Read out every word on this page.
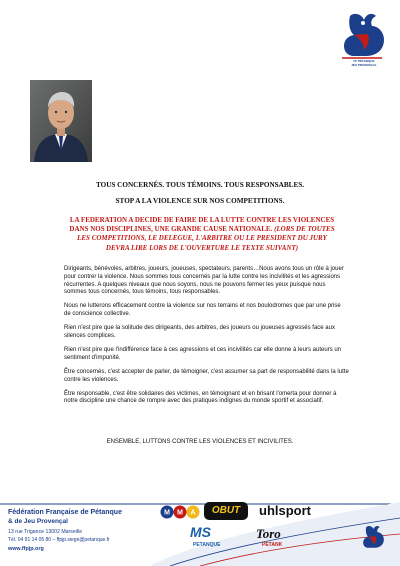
FF PÉTANQUE
JEU PROVENÇAL
TOUS CONCERNÉS. TOUS TÉMOINS. TOUS RESPONSABLES.
STOP A LA VIOLENCE SUR NOS COMPETITIONS.
LA FEDERATION A DECIDE DE FAIRE DE LA LUTTE CONTRE LES VIOLENCES DANS NOS DISCIPLINES, UNE GRANDE CAUSE NATIONALE. (LORS DE TOUTES LES COMPETITIONS, LE DELEGUE, L'ARBITRE OU LE PRESIDENT DU JURY DEVRA LIRE LORS DE L'OUVERTURE LE TEXTE SUIVANT)

Dirigeants, bénévoles, arbitres, joueurs, joueuses, spectateurs, parents…Nous avons tous un rôle à jouer pour contrer la violence. Nous sommes tous concernés par la lutte contre les incivilités et les agressions récurrentes. A quelques niveaux que nous soyons, nous ne pouvons fermer les yeux puisque nous sommes tous concernés, tous témoins, tous responsables.

Nous ne lutterons efficacement contre la violence sur nos terrains et nos boulodromes que par une prise de conscience collective.

Rien n'est pire que la solitude des dirigeants, des arbitres, des joueurs ou joueuses agressés face aux silences complices.

Rien n'est pire que l'indifférence face à ces agressions et ces incivilités car elle donne à leurs auteurs un sentiment d'impunité.

Être concernés, c'est accepter de parler, de témoigner, c'est assumer sa part de responsabilité dans la lutte contre les violences.

Être responsable, c'est être solidaires des victimes, en témoignant et en brisant l'omerta pour donner à notre discipline une chance de rompre avec des pratiques indignes du monde sportif et associatif.

ENSEMBLE, LUTTONS CONTRE LES VIOLENCES ET INCIVILITES.
Fédération Française de Pétanque
& de Jeu Provençal
13 rue Trigance 13002 Marseille
Tél. 04 91 14 05 80 – ffpjp.siege@petanque.fr
www.ffpjp.org
M M A	OBUT	uhlsport
MS
PETANQUE
Toro
PETANK
